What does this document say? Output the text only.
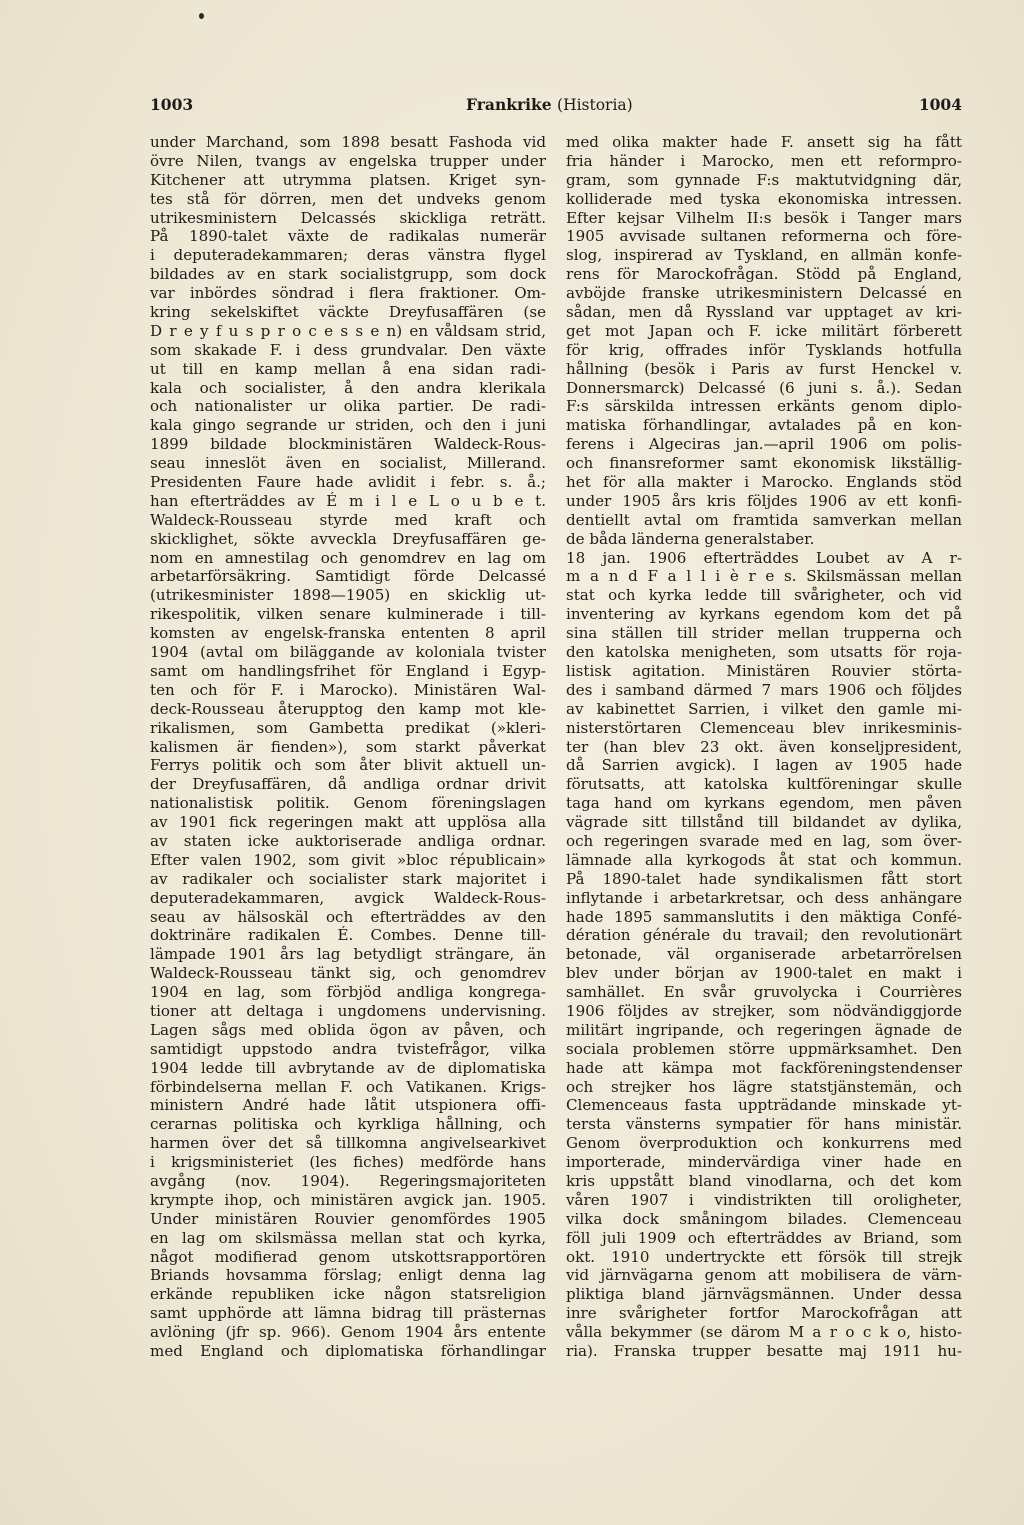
1003	Frankrike (Historia)	1004
under Marchand, som 1898 besatt Fashoda vid
övre Nilen, tvangs av engelska trupper under
Kitchener att utrymma platsen. Kriget syn-
tes stå för dörren, men det undveks genom
utrikesministern Delcassés skickliga reträtt.
På 1890-talet växte de radikalas numerär
i deputeradekammaren; deras vänstra flygel
bildades av en stark socialistgrupp, som dock
var inbördes söndrad i flera fraktioner. Om-
kring sekelskiftet väckte Dreyfusaffären (se
D r e y f u s p r o c e s s e n) en våldsam strid,
som skakade F. i dess grundvalar. Den växte
ut till en kamp mellan å ena sidan radi-
kala och socialister, å den andra klerikala
och nationalister ur olika partier. De radi-
kala gingo segrande ur striden, och den i juni
1899 bildade blockministären Waldeck-Rous-
seau inneslöt även en socialist, Millerand.
Presidenten Faure hade avlidit i febr. s. å.;
han efterträddes av É m i l e L o u b e t.
Waldeck-Rousseau styrde med kraft och
skicklighet, sökte avveckla Dreyfusaffären ge-
nom en amnestilag och genomdrev en lag om
arbetarförsäkring. Samtidigt förde Delcassé
(utrikesminister 1898—1905) en skicklig ut-
rikespolitik, vilken senare kulminerade i till-
komsten av engelsk-franska ententen 8 april
1904 (avtal om biläggande av koloniala tvister
samt om handlingsfrihet för England i Egyp-
ten och för F. i Marocko). Ministären Wal-
deck-Rousseau återupptog den kamp mot kle-
rikalismen, som Gambetta predikat (»kleri-
kalismen är fienden»), som starkt påverkat
Ferrys politik och som åter blivit aktuell un-
der Dreyfusaffären, då andliga ordnar drivit
nationalistisk politik. Genom föreningslagen
av 1901 fick regeringen makt att upplösa alla
av staten icke auktoriserade andliga ordnar.
Efter valen 1902, som givit »bloc républicain»
av radikaler och socialister stark majoritet i
deputeradekammaren, avgick Waldeck-Rous-
seau av hälsoskäl och efterträddes av den
doktrinäre radikalen É. Combes. Denne till-
lämpade 1901 års lag betydligt strängare, än
Waldeck-Rousseau tänkt sig, och genomdrev
1904 en lag, som förbjöd andliga kongrega-
tioner att deltaga i ungdomens undervisning.
Lagen sågs med oblida ögon av påven, och
samtidigt uppstodo andra tvistefrågor, vilka
1904 ledde till avbrytande av de diplomatiska
förbindelserna mellan F. och Vatikanen. Krigs-
ministern André hade låtit utspionera offi-
cerarnas politiska och kyrkliga hållning, och
harmen över det så tillkomna angivelsearkivet
i krigsministeriet (les fiches) medförde hans
avgång (nov. 1904). Regeringsmajoriteten
krympte ihop, och ministären avgick jan. 1905.
Under ministären Rouvier genomfördes 1905
en lag om skilsmässa mellan stat och kyrka,
något modifierad genom utskottsrapportören
Briands hovsamma förslag; enligt denna lag
erkände republiken icke någon statsreligion
samt upphörde att lämna bidrag till prästernas
avlöning (jfr sp. 966). Genom 1904 års entente
med England och diplomatiska förhandlingar
med olika makter hade F. ansett sig ha fått
fria händer i Marocko, men ett reformpro-
gram, som gynnade F:s maktutvidgning där,
kolliderade med tyska ekonomiska intressen.
Efter kejsar Vilhelm II:s besök i Tanger mars
1905 avvisade sultanen reformerna och före-
slog, inspirerad av Tyskland, en allmän konfe-
rens för Marockofrågan. Stödd på England,
avböjde franske utrikesministern Delcassé en
sådan, men då Ryssland var upptaget av kri-
get mot Japan och F. icke militärt förberett
för krig, offrades inför Tysklands hotfulla
hållning (besök i Paris av furst Henckel v.
Donnersmarck) Delcassé (6 juni s. å.). Sedan
F:s särskilda intressen erkänts genom diplo-
matiska förhandlingar, avtalades på en kon-
ferens i Algeciras jan.—april 1906 om polis-
och finansreformer samt ekonomisk likställig-
het för alla makter i Marocko. Englands stöd
under 1905 års kris följdes 1906 av ett konfi-
dentiellt avtal om framtida samverkan mellan
de båda länderna generalstaber.
18 jan. 1906 efterträddes Loubet av A r-
m a n d F a l l i è r e s. Skilsmässan mellan
stat och kyrka ledde till svårigheter, och vid
inventering av kyrkans egendom kom det på
sina ställen till strider mellan trupperna och
den katolska menigheten, som utsatts för roja-
listisk agitation. Ministären Rouvier störta-
des i samband därmed 7 mars 1906 och följdes
av kabinettet Sarrien, i vilket den gamle mi-
nisterstörtaren Clemenceau blev inrikesminis-
ter (han blev 23 okt. även konseljpresident,
då Sarrien avgick). I lagen av 1905 hade
förutsatts, att katolska kultföreningar skulle
taga hand om kyrkans egendom, men påven
vägrade sitt tillstånd till bildandet av dylika,
och regeringen svarade med en lag, som över-
lämnade alla kyrkogods åt stat och kommun.
På 1890-talet hade syndikalismen fått stort
inflytande i arbetarkretsar, och dess anhängare
hade 1895 sammanslutits i den mäktiga Confé-
dération générale du travail; den revolutionärt
betonade, väl organiserade arbetarrörelsen
blev under början av 1900-talet en makt i
samhället. En svår gruvolycka i Courrières
1906 följdes av strejker, som nödvändiggjorde
militärt ingripande, och regeringen ägnade de
sociala problemen större uppmärksamhet. Den
hade att kämpa mot fackföreningstendenser
och strejker hos lägre statstjänstemän, och
Clemenceaus fasta uppträdande minskade yt-
tersta vänsterns sympatier för hans ministär.
Genom överproduktion och konkurrens med
importerade, mindervärdiga viner hade en
kris uppstått bland vinodlarna, och det kom
våren 1907 i vindistrikten till oroligheter,
vilka dock småningom bilades. Clemenceau
föll juli 1909 och efterträddes av Briand, som
okt. 1910 undertryckte ett försök till strejk
vid järnvägarna genom att mobilisera de värn-
pliktiga bland järnvägsmännen. Under dessa
inre svårigheter fortfor Marockofrågan att
vålla bekymmer (se därom M a r o c k o, histo-
ria). Franska trupper besatte maj 1911 hu-
